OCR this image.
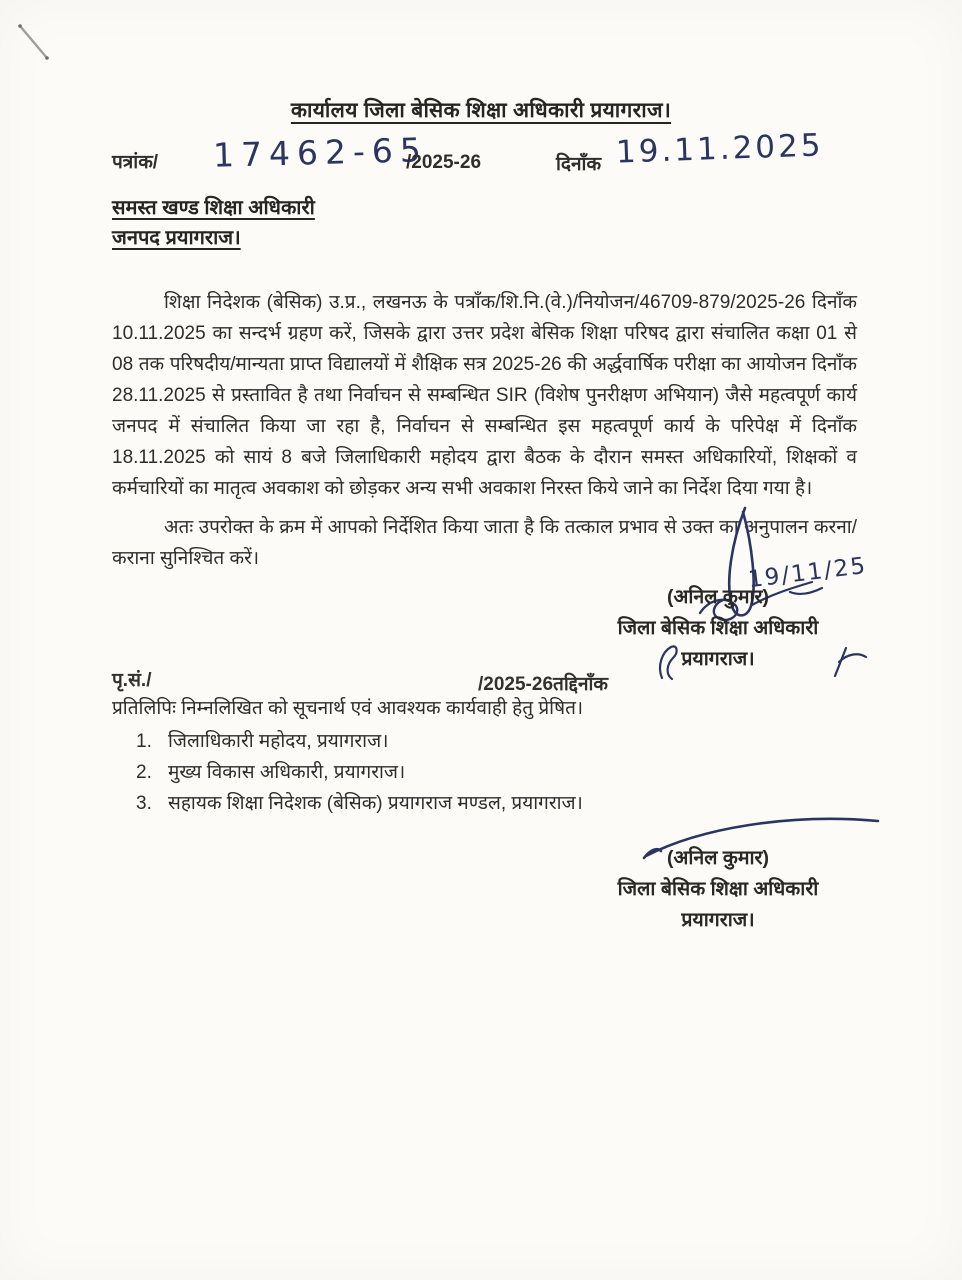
कार्यालय जिला बेसिक शिक्षा अधिकारी प्रयागराज।
पत्रांक/ 17462-65
/2025-26	दिनाँक 19.11.2025
समस्त खण्ड शिक्षा अधिकारी
जनपद प्रयागराज।

शिक्षा निदेशक (बेसिक) उ.प्र., लखनऊ के पत्राँक/शि.नि.(वे.)/नियोजन/46709-879/2025-26 दिनाँक 10.11.2025 का सन्दर्भ ग्रहण करें, जिसके द्वारा उत्तर प्रदेश बेसिक शिक्षा परिषद द्वारा संचालित कक्षा 01 से 08 तक परिषदीय/मान्यता प्राप्त विद्यालयों में शैक्षिक सत्र 2025-26 की अर्द्धवार्षिक परीक्षा का आयोजन दिनाँक 28.11.2025 से प्रस्तावित है तथा निर्वाचन से सम्बन्धित SIR (विशेष पुनरीक्षण अभियान) जैसे महत्वपूर्ण कार्य जनपद में संचालित किया जा रहा है, निर्वाचन से सम्बन्धित इस महत्वपूर्ण कार्य के परिपेक्ष में दिनाँक 18.11.2025 को सायं 8 बजे जिलाधिकारी महोदय द्वारा बैठक के दौरान समस्त अधिकारियों, शिक्षकों व कर्मचारियों का मातृत्व अवकाश को छोड़कर अन्य सभी अवकाश निरस्त किये जाने का निर्देश दिया गया है।

अतः उपरोक्त के क्रम में आपको निर्देशित किया जाता है कि तत्काल प्रभाव से उक्त का अनुपालन करना/कराना सुनिश्चित करें।	19/11/25
(अनिल कुमार)
जिला बेसिक शिक्षा अधिकारी
प्रयागराज।
पृ.सं./	/2025-26तद्दिनाँक
प्रतिलिपिः निम्नलिखित को सूचनार्थ एवं आवश्यक कार्यवाही हेतु प्रेषित।
1. जिलाधिकारी महोदय, प्रयागराज।
2. मुख्य विकास अधिकारी, प्रयागराज।
3. सहायक शिक्षा निदेशक (बेसिक) प्रयागराज मण्डल, प्रयागराज।
(अनिल कुमार)
जिला बेसिक शिक्षा अधिकारी
प्रयागराज।
